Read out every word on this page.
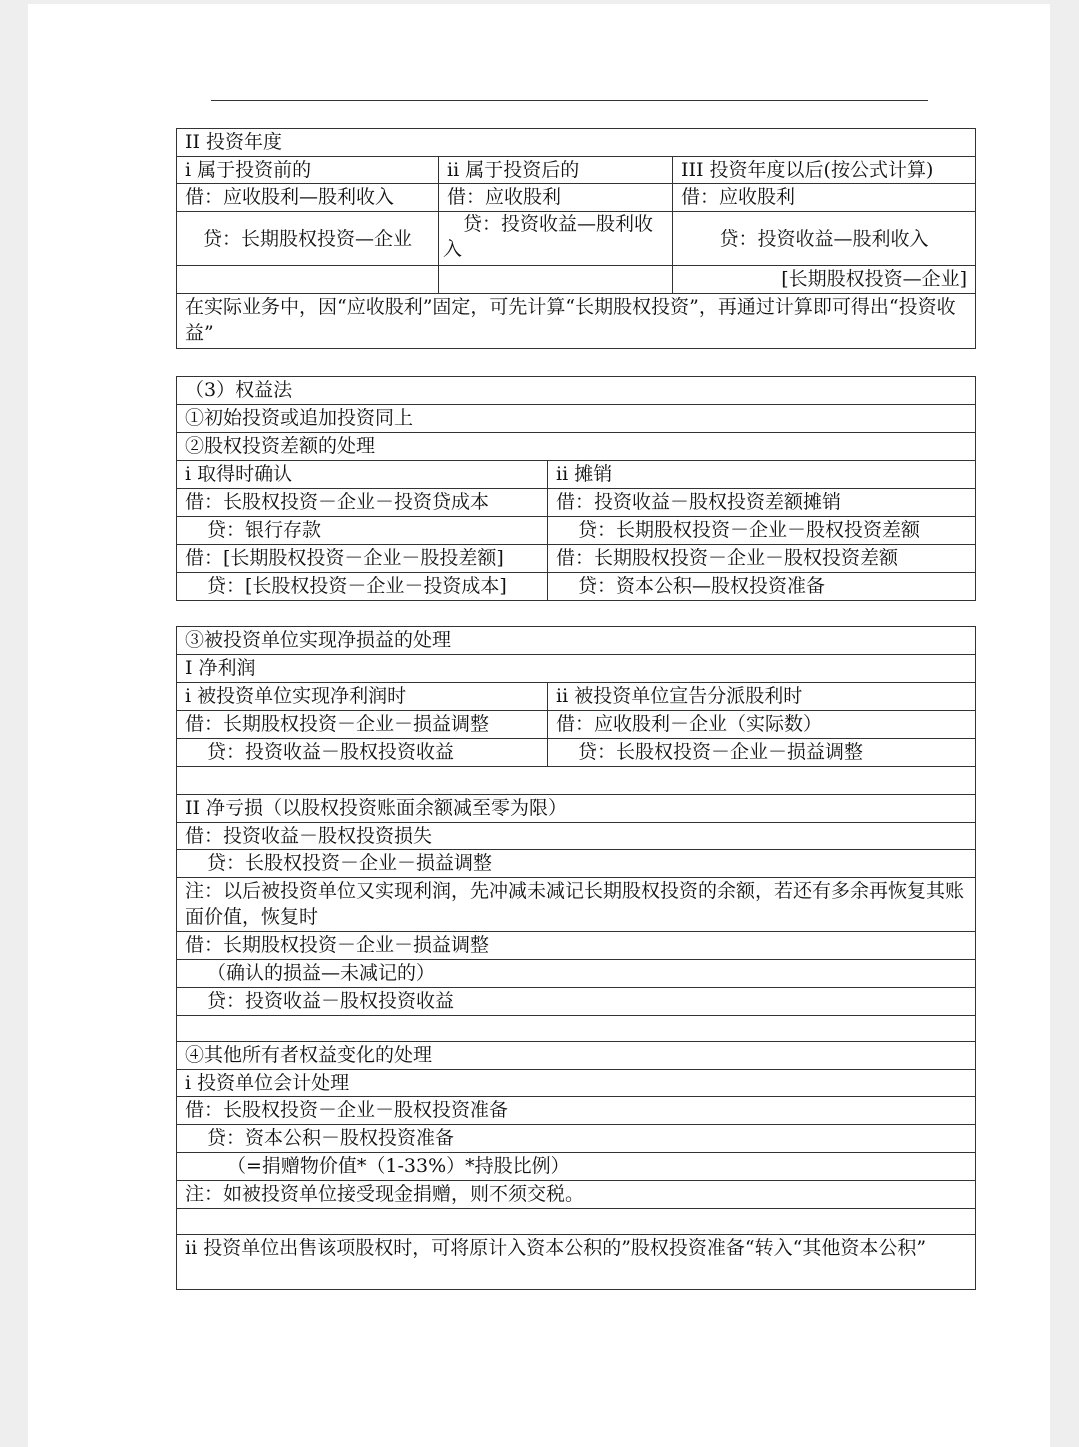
II 投资年度		
i 属于投资前的	ii 属于投资后的	III 投资年度以后(按公式计算)
借：应收股利—股利收入	借：应收股利	借：应收股利
贷：长期股权投资—企业	贷：投资收益—股利收入	贷：投资收益—股利收入
		[长期股权投资—企业]
在实际业务中，因“应收股利”固定，可先计算“长期股权投资”，再通过计算即可得出“投资收益”		
（3）权益法	
①初始投资或追加投资同上	
②股权投资差额的处理	
i 取得时确认	ii 摊销
借：长股权投资－企业－投资贷成本	借：投资收益－股权投资差额摊销
贷：银行存款	贷：长期股权投资－企业－股权投资差额
借：[长期股权投资－企业－股投差额]	借：长期股权投资－企业－股权投资差额
贷：[长股权投资－企业－投资成本]	贷：资本公积—股权投资准备
③被投资单位实现净损益的处理	
I 净利润	
i 被投资单位实现净利润时	ii 被投资单位宣告分派股利时
借：长期股权投资－企业－损益调整	借：应收股利－企业（实际数）
贷：投资收益－股权投资收益	贷：长股权投资－企业－损益调整

II 净亏损（以股权投资账面余额减至零为限）	
借：投资收益－股权投资损失	
贷：长股权投资－企业－损益调整	
注：以后被投资单位又实现利润，先冲减未减记长期股权投资的余额，若还有多余再恢复其账面价值，恢复时	
借：长期股权投资－企业－损益调整	
（确认的损益—未减记的）	
贷：投资收益－股权投资收益	

④其他所有者权益变化的处理	
i 投资单位会计处理	
借：长股权投资－企业－股权投资准备	
贷：资本公积－股权投资准备	
（=捐赠物价值*（1-33%）*持股比例）	
注：如被投资单位接受现金捐赠，则不须交税。	

ii 投资单位出售该项股权时，可将原计入资本公积的”股权投资准备“转入“其他资本公积”	
